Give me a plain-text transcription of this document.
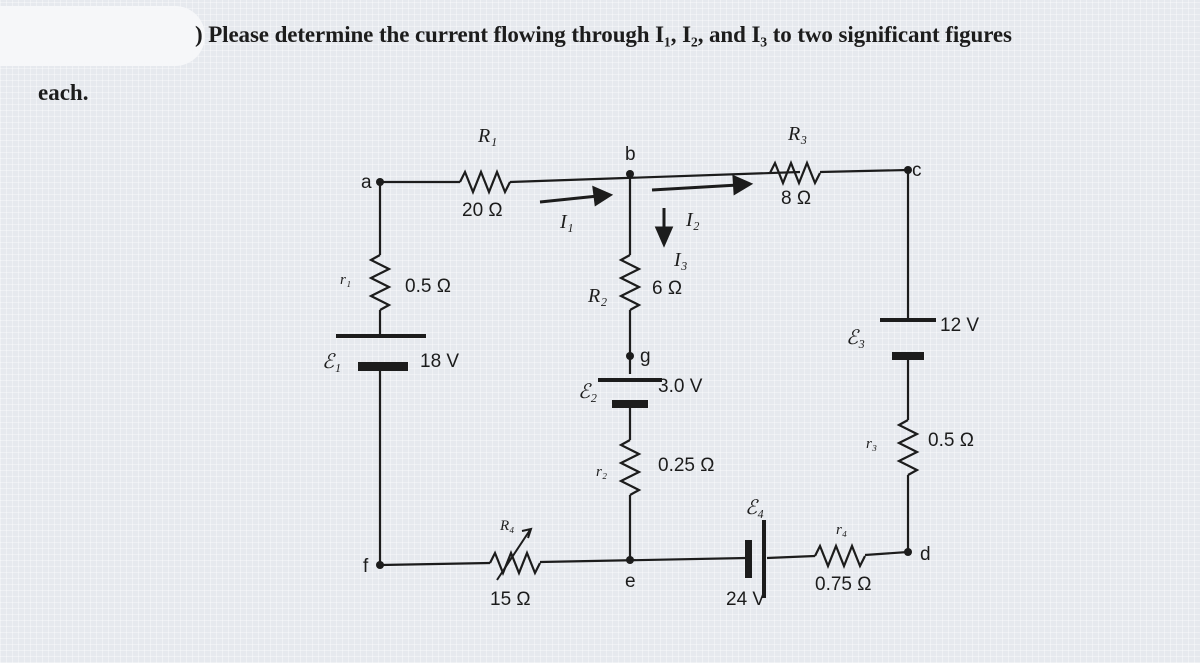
) Please determine the current flowing through I₁, I₂, and I₃ to two significant figures
each.
a
b
c
d
e
f
g
R₁
20 Ω
R₂ 6 Ω
R₃
8 Ω
R₄
15 Ω
r₁	0.5 Ω
r₂	0.25 Ω
r₃	0.5 Ω
r₄
0.75 Ω
ℰ₁	18 V
ℰ₂	3.0 V
ℰ₃
12 V
ℰ₄
24 V
I₁	I₂
I₃
